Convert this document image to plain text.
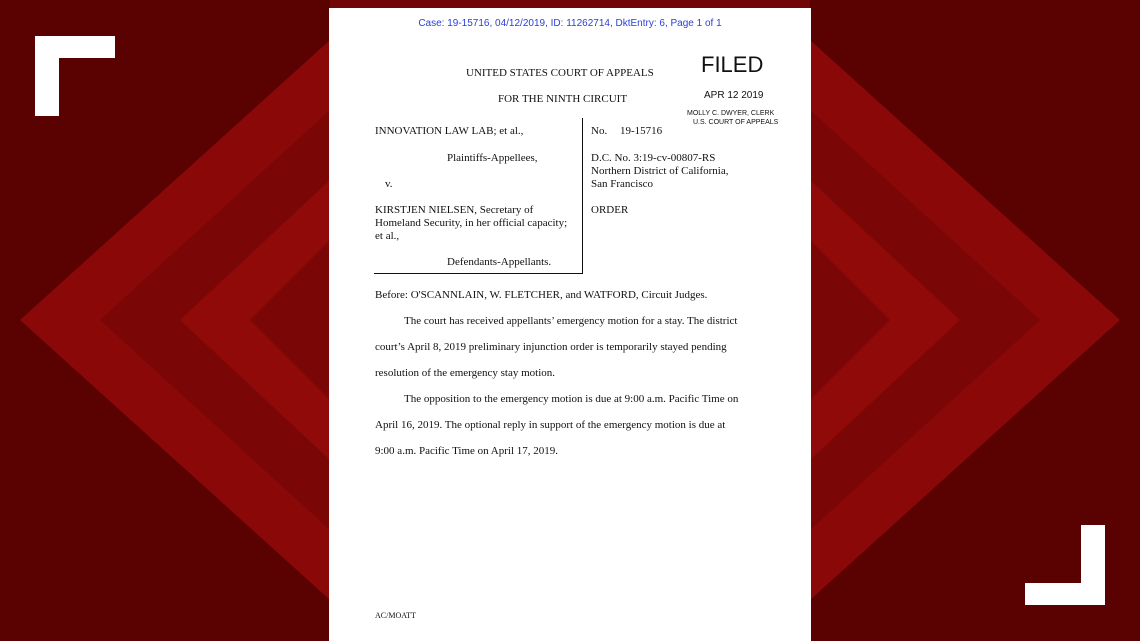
Case: 19-15716, 04/12/2019, ID: 11262714, DktEntry: 6, Page 1 of 1
UNITED STATES COURT OF APPEALS
FOR THE NINTH CIRCUIT
FILED
APR 12 2019
MOLLY C. DWYER, CLERK
U.S. COURT OF APPEALS
INNOVATION LAW LAB; et al.,
Plaintiffs-Appellees,
v.
KIRSTJEN NIELSEN, Secretary of
Homeland Security, in her official capacity;
et al.,
Defendants-Appellants.
No. 19-15716
D.C. No. 3:19-cv-00807-RS
Northern District of California,
San Francisco
ORDER
Before: O'SCANNLAIN, W. FLETCHER, and WATFORD, Circuit Judges.
The court has received appellants’ emergency motion for a stay. The district
court’s April 8, 2019 preliminary injunction order is temporarily stayed pending
resolution of the emergency stay motion.
The opposition to the emergency motion is due at 9:00 a.m. Pacific Time on
April 16, 2019. The optional reply in support of the emergency motion is due at
9:00 a.m. Pacific Time on April 17, 2019.
AC/MOATT
